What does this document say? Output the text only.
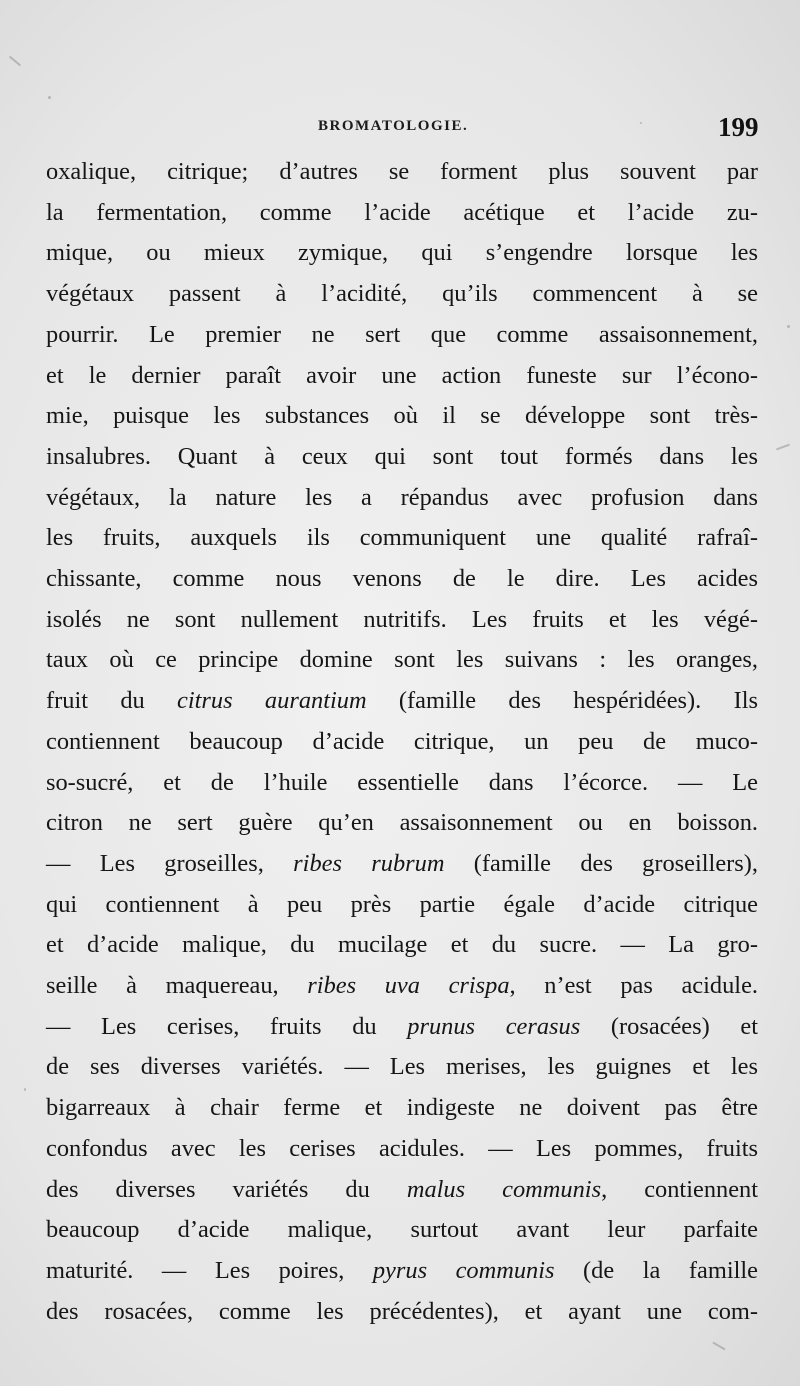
BROMATOLOGIE.	199
oxalique, citrique; d’autres se forment plus souvent par
la fermentation, comme l’acide acétique et l’acide zu-
mique, ou mieux zymique, qui s’engendre lorsque les
végétaux passent à l’acidité, qu’ils commencent à se
pourrir. Le premier ne sert que comme assaisonnement,
et le dernier paraît avoir une action funeste sur l’écono-
mie, puisque les substances où il se développe sont très-
insalubres. Quant à ceux qui sont tout formés dans les
végétaux, la nature les a répandus avec profusion dans
les fruits, auxquels ils communiquent une qualité rafraî-
chissante, comme nous venons de le dire. Les acides
isolés ne sont nullement nutritifs. Les fruits et les végé-
taux où ce principe domine sont les suivans : les oranges,
fruit du citrus aurantium (famille des hespéridées). Ils
contiennent beaucoup d’acide citrique, un peu de muco-
so-sucré, et de l’huile essentielle dans l’écorce. — Le
citron ne sert guère qu’en assaisonnement ou en boisson.
— Les groseilles, ribes rubrum (famille des groseillers),
qui contiennent à peu près partie égale d’acide citrique
et d’acide malique, du mucilage et du sucre. — La gro-
seille à maquereau, ribes uva crispa, n’est pas acidule.
— Les cerises, fruits du prunus cerasus (rosacées) et
de ses diverses variétés. — Les merises, les guignes et les
bigarreaux à chair ferme et indigeste ne doivent pas être
confondus avec les cerises acidules. — Les pommes, fruits
des diverses variétés du malus communis, contiennent
beaucoup d’acide malique, surtout avant leur parfaite
maturité. — Les poires, pyrus communis (de la famille
des rosacées, comme les précédentes), et ayant une com-
